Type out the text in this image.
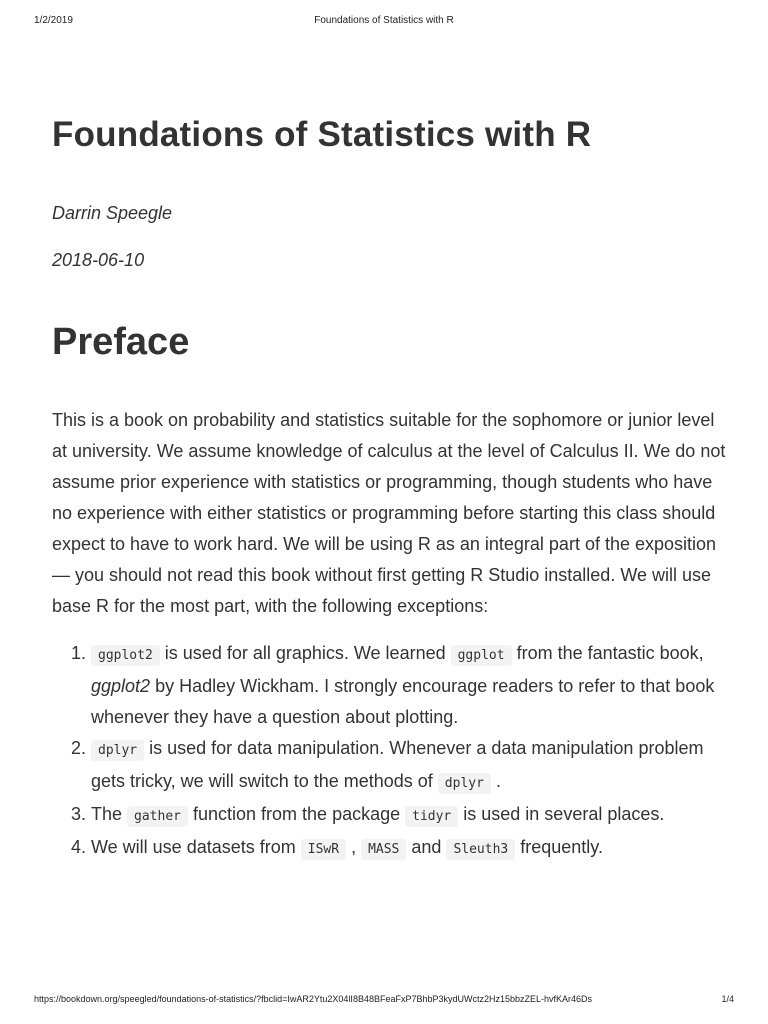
1/2/2019	Foundations of Statistics with R
Foundations of Statistics with R
Darrin Speegle
2018-06-10
Preface

This is a book on probability and statistics suitable for the sophomore or junior level at university. We assume knowledge of calculus at the level of Calculus II. We do not assume prior experience with statistics or programming, though students who have no experience with either statistics or programming before starting this class should expect to have to work hard. We will be using R as an integral part of the exposition — you should not read this book without first getting R Studio installed. We will use base R for the most part, with the following exceptions:

1. ggplot2 is used for all graphics. We learned ggplot from the fantastic book, ggplot2 by Hadley Wickham. I strongly encourage readers to refer to that book whenever they have a question about plotting.
2. dplyr is used for data manipulation. Whenever a data manipulation problem gets tricky, we will switch to the methods of dplyr .
3. The gather function from the package tidyr is used in several places.
4. We will use datasets from ISwR , MASS and Sleuth3 frequently.
https://bookdown.org/speegled/foundations-of-statistics/?fbclid=IwAR2Ytu2X04lI8B48BFeaFxP7BhbP3kydUWctz2Hz15bbzZEL-hvfKAr46Ds	1/4
